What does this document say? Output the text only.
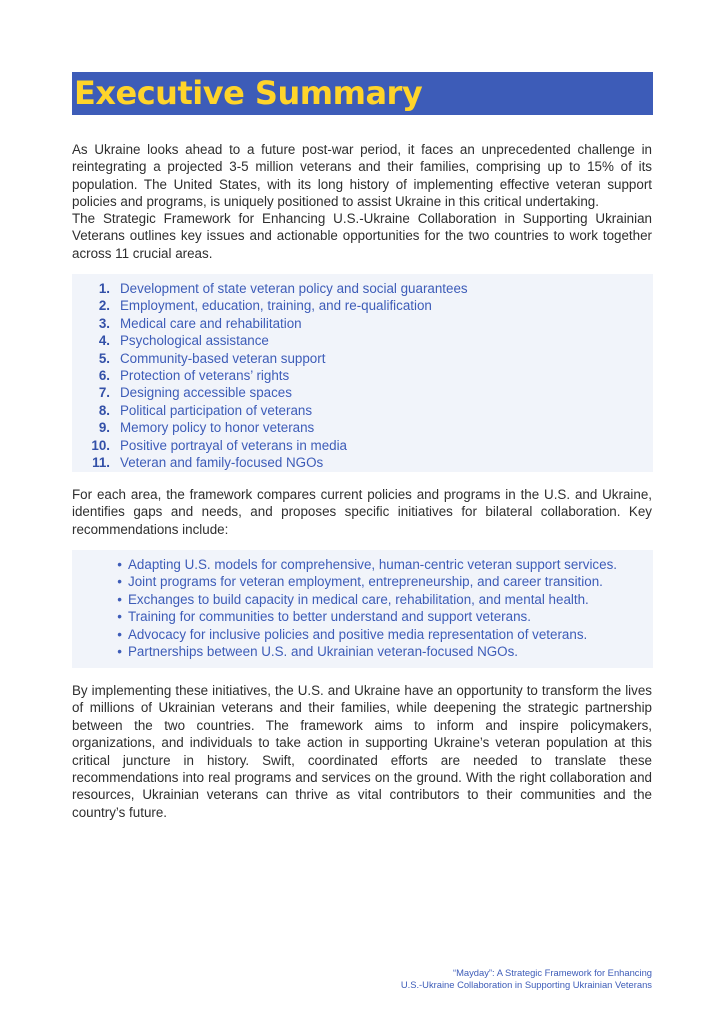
Executive Summary

As Ukraine looks ahead to a future post-war period, it faces an unprecedented challenge in reintegrating a projected 3-5 million veterans and their families, comprising up to 15% of its population. The United States, with its long history of implementing effective veteran support policies and programs, is uniquely positioned to assist Ukraine in this critical undertaking.

The Strategic Framework for Enhancing U.S.-Ukraine Collaboration in Supporting Ukrainian Veterans outlines key issues and actionable opportunities for the two countries to work together across 11 crucial areas.

1. Development of state veteran policy and social guarantees
2. Employment, education, training, and re-qualification
3. Medical care and rehabilitation
4. Psychological assistance
5. Community-based veteran support
6. Protection of veterans’ rights
7. Designing accessible spaces
8. Political participation of veterans
9. Memory policy to honor veterans
10. Positive portrayal of veterans in media
11. Veteran and family-focused NGOs

For each area, the framework compares current policies and programs in the U.S. and Ukraine, identifies gaps and needs, and proposes specific initiatives for bilateral collaboration. Key recommendations include:

• Adapting U.S. models for comprehensive, human-centric veteran support services.
• Joint programs for veteran employment, entrepreneurship, and career transition.
• Exchanges to build capacity in medical care, rehabilitation, and mental health.
• Training for communities to better understand and support veterans.
• Advocacy for inclusive policies and positive media representation of veterans.
• Partnerships between U.S. and Ukrainian veteran-focused NGOs.

By implementing these initiatives, the U.S. and Ukraine have an opportunity to transform the lives of millions of Ukrainian veterans and their families, while deepening the strategic partnership between the two countries. The framework aims to inform and inspire policymakers, organizations, and individuals to take action in supporting Ukraine’s veteran population at this critical juncture in history. Swift, coordinated efforts are needed to translate these recommendations into real programs and services on the ground. With the right collaboration and resources, Ukrainian veterans can thrive as vital contributors to their communities and the country’s future.

“Mayday”: A Strategic Framework for Enhancing
U.S.-Ukraine Collaboration in Supporting Ukrainian Veterans
